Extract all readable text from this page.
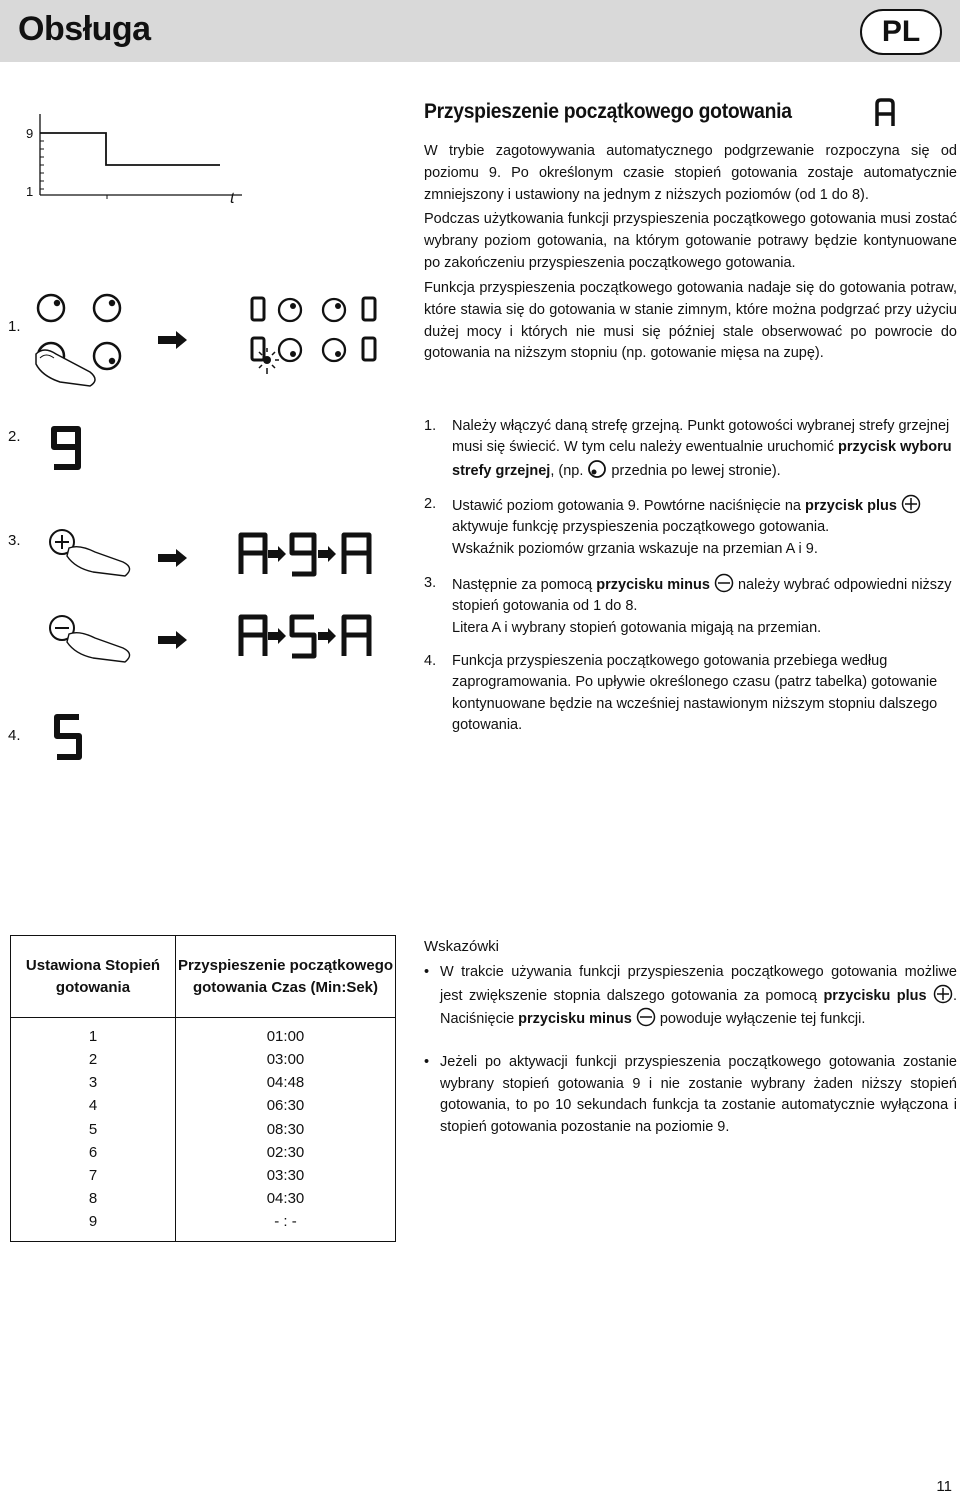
Obsługa	PL
Przyspieszenie początkowego gotowania
W trybie zagotowywania automatycznego podgrzewanie rozpoczyna się od poziomu 9. Po określonym czasie stopień gotowania zostaje automatycznie zmniejszony i ustawiony na jednym z niższych poziomów (od 1 do 8).
Podczas użytkowania funkcji przyspieszenia początkowego gotowania musi zostać wybrany poziom gotowania, na którym gotowanie potrawy będzie kontynuowane po zakończeniu przyspieszenia początkowego gotowania.
Funkcja przyspieszenia początkowego gotowania nadaje się do gotowania potraw, które stawia się do gotowania w stanie zimnym, które można podgrzać przy użyciu dużej mocy i których nie musi się później stale obserwować po powrocie do gotowania na niższym stopniu (np. gotowanie mięsa na zupę).
9
1	t
1.
2.
3.
4.
1. Należy włączyć daną strefę grzejną. Punkt gotowości wybranej strefy grzejnej musi się świecić. W tym celu należy ewentualnie uruchomić przycisk wyboru strefy grzejnej, (np.  przednia po lewej stronie).
2. Ustawić poziom gotowania 9. Powtórne naciśnięcie na przycisk plus
aktywuje funkcję przyspieszenia początkowego gotowania.
Wskaźnik poziomów grzania wskazuje na przemian A i 9.
3. Następnie za pomocą przycisku minus  należy wybrać odpowiedni niższy stopień gotowania od 1 do 8.
Litera A i wybrany stopień gotowania migają na przemian.
4. Funkcja przyspieszenia początkowego gotowania przebiega według zaprogramowania. Po upływie określonego czasu (patrz tabelka) gotowanie kontynuowane będzie na wcześniej nastawionym niższym stopniu dalszego gotowania.
Ustawiona Stopień gotowania	Przyspieszenie początkowego gotowania Czas (Min:Sek)
1	01:00
2	03:00
3	04:48
4	06:30
5	08:30
6	02:30
7	03:30
8	04:30
9	- : -
Wskazówki
• W trakcie używania funkcji przyspieszenia początkowego gotowania możliwe jest zwiększenie stopnia dalszego gotowania za pomocą przycisku plus . Naciśnięcie przycisku minus  powoduje wyłączenie tej funkcji.
• Jeżeli po aktywacji funkcji przyspieszenia początkowego gotowania zostanie wybrany stopień gotowania 9 i nie zostanie wybrany żaden niższy stopień gotowania, to po 10 sekundach funkcja ta zostanie automatycznie wyłączona i stopień gotowania pozostanie na poziomie 9.
11
